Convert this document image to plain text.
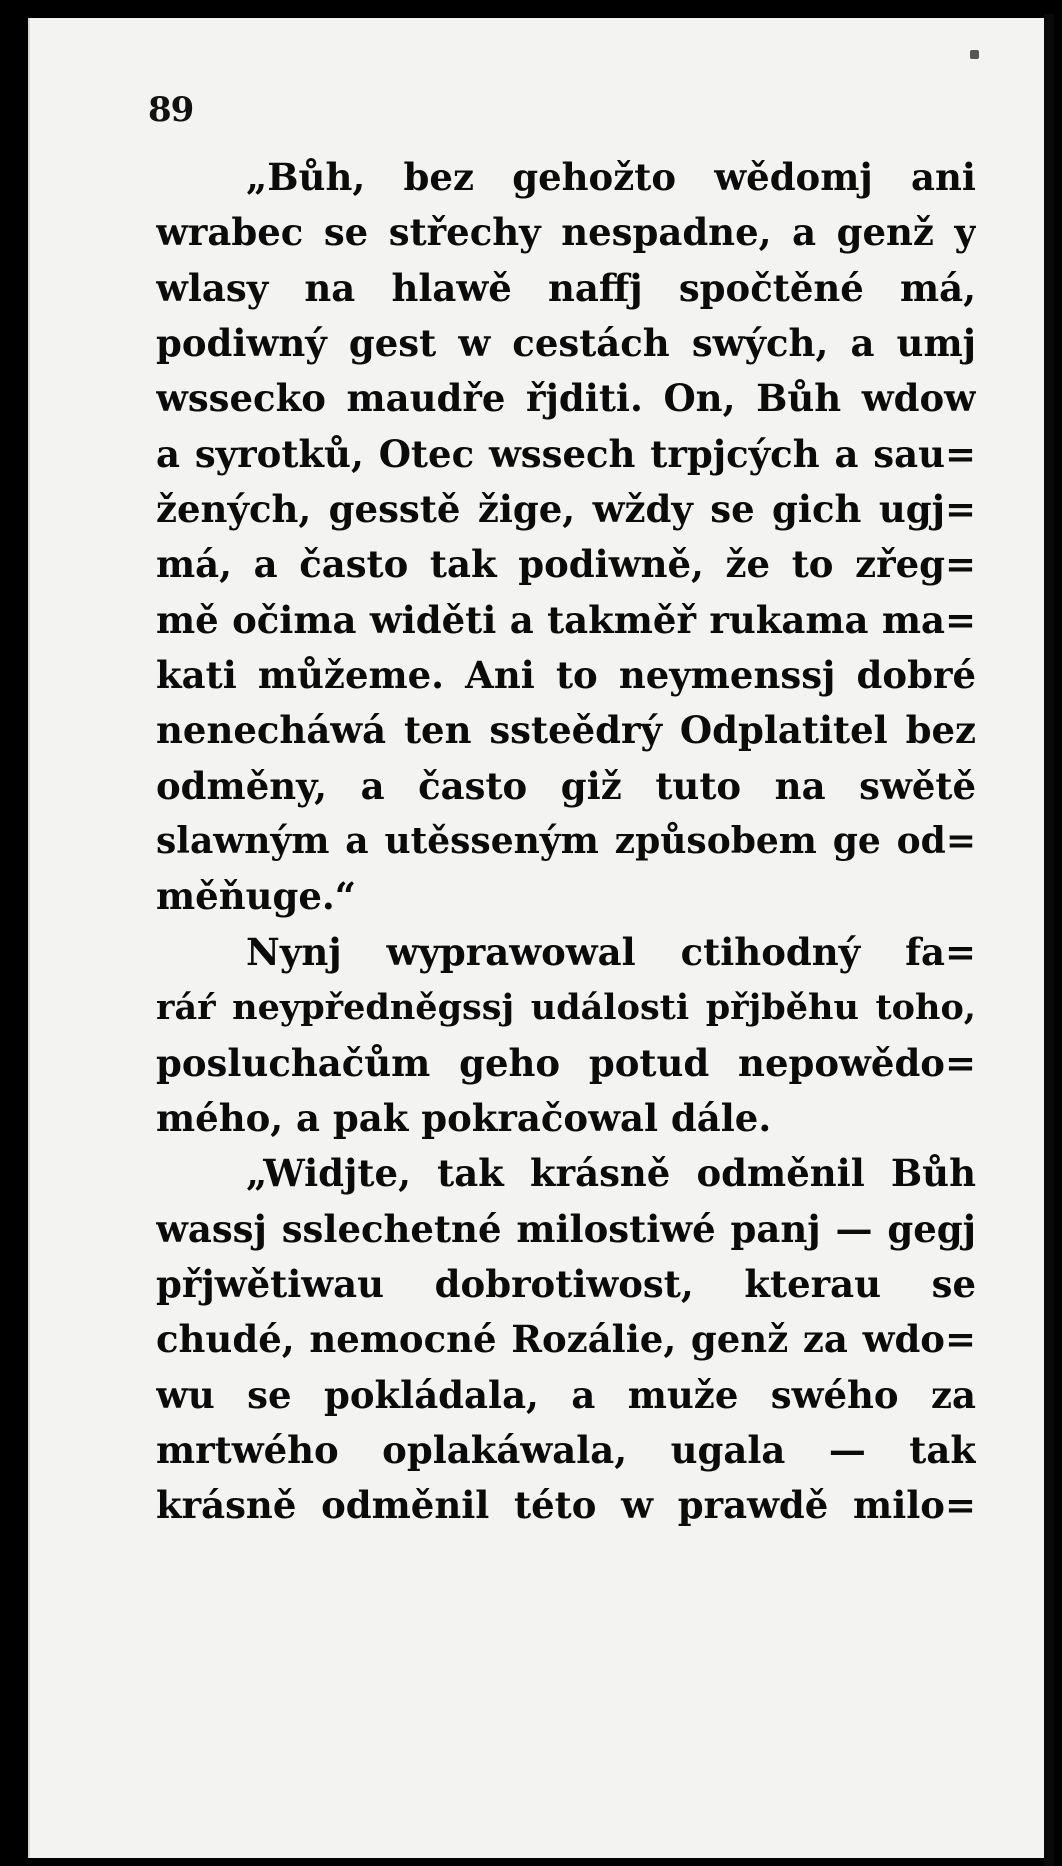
89
„Bůh, bez gehožto wědomj ani
wrabec se střechy nespadne, a genž y
wlasy na hlawě naffj spočtěné má,
podiwný gest w cestách swých, a umj
wsseckо maudře řjditi. On, Bůh wdow
a syrotků, Otec wssech trpjcých a sau=
žených, gesstě žige, wždy se gich ugj=
má, a často tak podiwně, že to zřeg=
mě očima widěti a takměř rukama ma=
kati můžeme. Ani to neymenssj dobré
nenecháwá ten ssteědrý Odplatitel bez
odměny, a často giž tuto na swětě
slawným a utěssеným způsobem ge od=
měňuge.“
Nynj wyprawowal ctihodný fa=
ráŕ neypředněgssj události přjběhu tohо,
posluchačům geho potud nepowědo=
mého, a pak pokračowal dále.
„Widjte, tak krásně odměnil Bůh
wassj sslechetné milostiwé panj — gegj
přjwětiwau dobrotiwost, kterau se
chudé, nemocné Rozálie, genž za wdo=
wu se pokládala, a muže swého za
mrtwého oplakáwala, ugala — tak
krásně odměnil této w prawdě milo=
